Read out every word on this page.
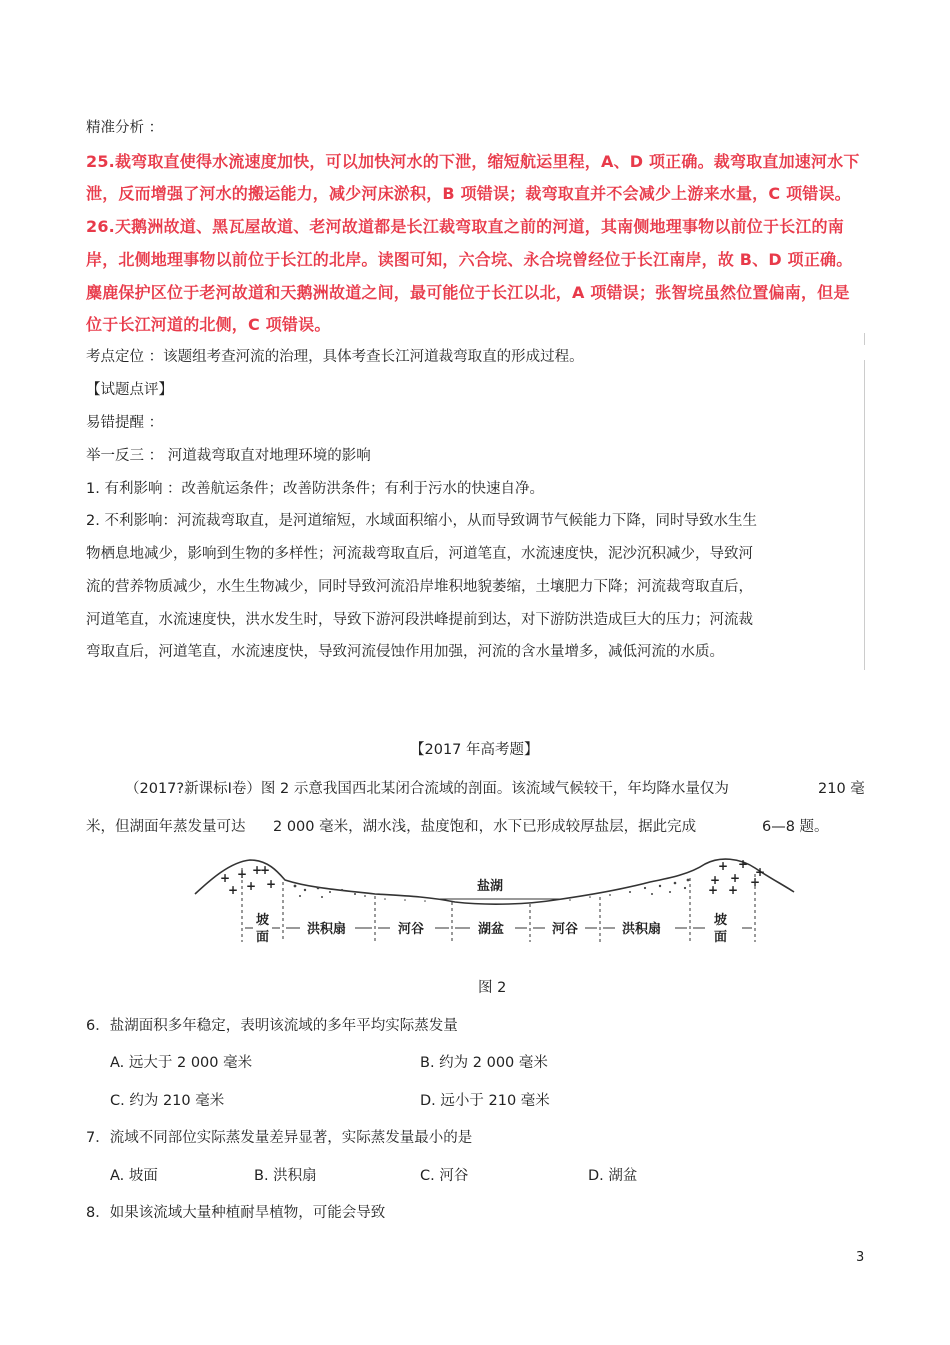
精准分析 ：
25.裁弯取直使得水流速度加快，可以加快河水的下泄，缩短航运里程，A、D 项正确。裁弯取直加速河水下
泄，反而增强了河水的搬运能力，减少河床淤积，B 项错误；裁弯取直并不会减少上游来水量，C 项错误。
26.天鹅洲故道、黑瓦屋故道、老河故道都是长江裁弯取直之前的河道，其南侧地理事物以前位于长江的南
岸，北侧地理事物以前位于长江的北岸。读图可知，六合垸、永合垸曾经位于长江南岸，故 B、D 项正确。
麋鹿保护区位于老河故道和天鹅洲故道之间，最可能位于长江以北，A 项错误；张智垸虽然位置偏南，但是
位于长江河道的北侧，C 项错误。
考点定位 ：该题组考查河流的治理，具体考查长江河道裁弯取直的形成过程。
【试题点评】
易错提醒 ：
举一反三 ： 河道裁弯取直对地理环境的影响
1. 有利影响 ：改善航运条件；改善防洪条件；有利于污水的快速自净。
2. 不利影响：河流裁弯取直，是河道缩短，水域面积缩小，从而导致调节气候能力下降，同时导致水生生
物栖息地减少，影响到生物的多样性；河流裁弯取直后，河道笔直，水流速度快，泥沙沉积减少，导致河
流的营养物质减少，水生生物减少，同时导致河流沿岸堆积地貌萎缩，土壤肥力下降；河流裁弯取直后，
河道笔直，水流速度快，洪水发生时，导致下游河段洪峰提前到达，对下游防洪造成巨大的压力；河流裁
弯取直后，河道笔直，水流速度快，导致河流侵蚀作用加强，河流的含水量增多，减低河流的水质。
【2017 年高考题】
（2017?新课标Ⅰ卷）图 2 示意我国西北某闭合流域的剖面。该流域气候较干，年均降水量仅为	210 毫
米，但湖面年蒸发量可达 2 000 毫米，湖水浅，盐度饱和，水下已形成较厚盐层，据此完成	6—8 题。
盐湖
+ + +
+ + +
+	+ +
+
+ + +
+ +
坡
面
洪积扇	河谷	湖盆	河谷	洪积扇
坡
面
图 2
6．盐湖面积多年稳定，表明该流域的多年平均实际蒸发量
A. 远大于 2 000 毫米	B. 约为 2 000 毫米
C. 约为 210 毫米	D. 远小于 210 毫米
7．流域不同部位实际蒸发量差异显著，实际蒸发量最小的是
A. 坡面	B. 洪积扇	C. 河谷	D. 湖盆
8．如果该流域大量种植耐旱植物，可能会导致
3
